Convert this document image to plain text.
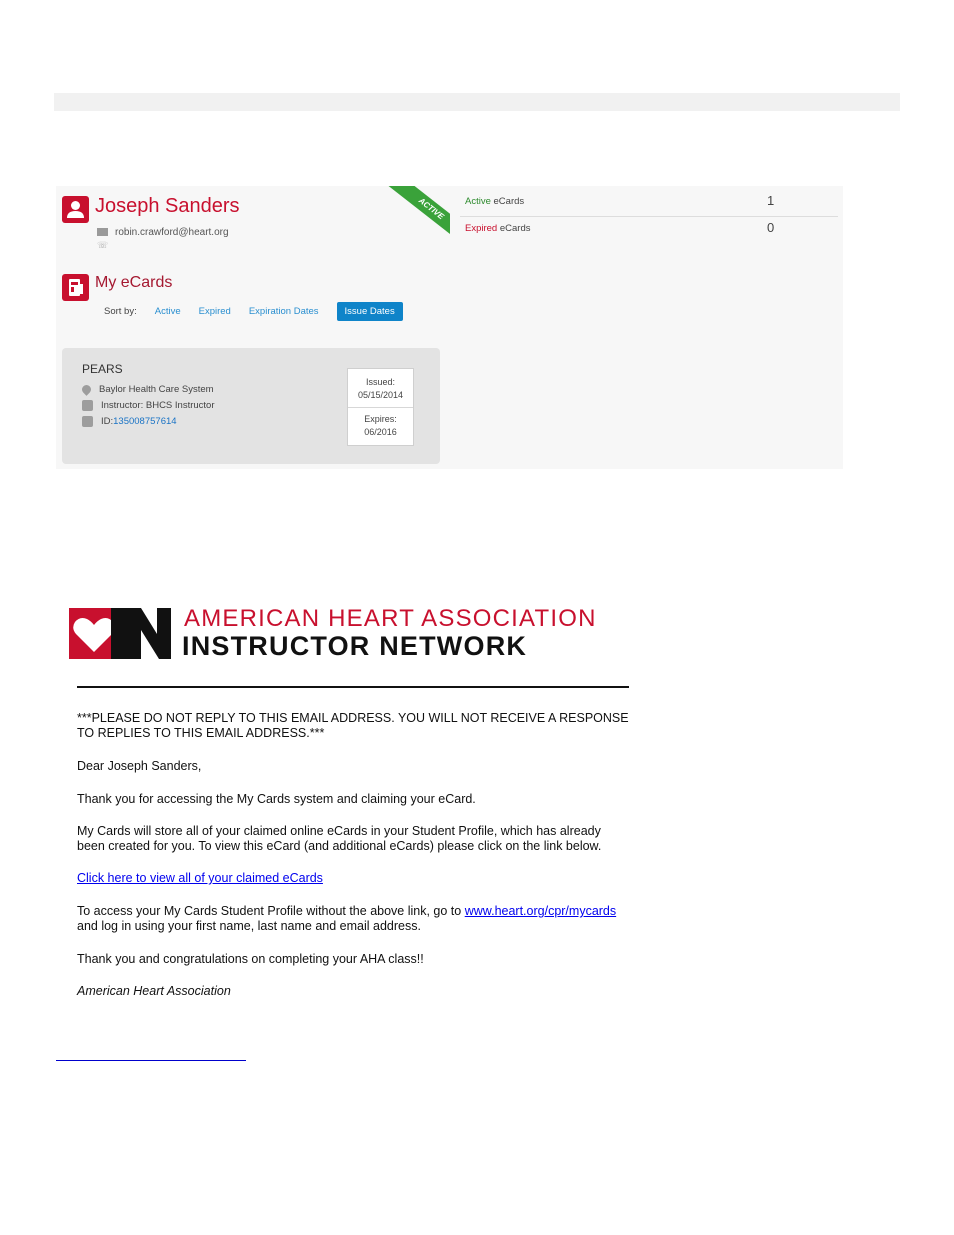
Joseph Sanders
robin.crawford@heart.org
☏
My eCards
Sort by: Active Expired Expiration Dates	Issue Dates
PEARS
Baylor Health Care System
Instructor: BHCS Instructor
ID: 135008757614
Issued:
05/15/2014
Expires:
06/2016
ACTIVE	Active eCards	1
Expired eCards	0
AMERICAN HEART ASSOCIATION
INSTRUCTOR NETWORK
***PLEASE DO NOT REPLY TO THIS EMAIL ADDRESS. YOU WILL NOT RECEIVE A RESPONSE
TO REPLIES TO THIS EMAIL ADDRESS.***
Dear Joseph Sanders,
Thank you for accessing the My Cards system and claiming your eCard.
My Cards will store all of your claimed online eCards in your Student Profile, which has already
been created for you. To view this eCard (and additional eCards) please click on the link below.
Click here to view all of your claimed eCards
To access your My Cards Student Profile without the above link, go to www.heart.org/cpr/mycards
and log in using your first name, last name and email address.
Thank you and congratulations on completing your AHA class!!
American Heart Association
